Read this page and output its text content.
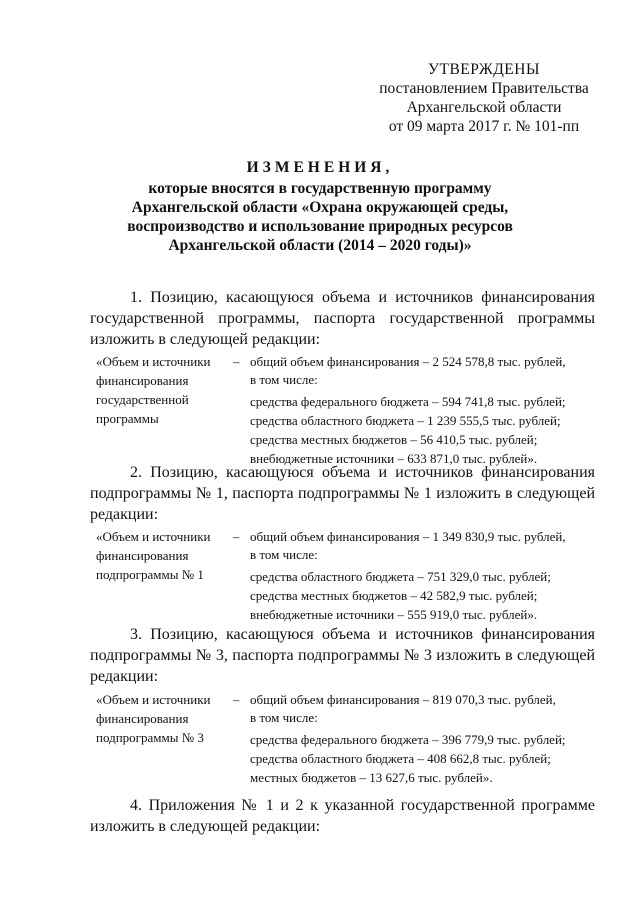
УТВЕРЖДЕНЫ
постановлением Правительства
Архангельской области
от 09 марта 2017 г. № 101-пп
ИЗМЕНЕНИЯ,
которые вносятся в государственную программу
Архангельской области «Охрана окружающей среды,
воспроизводство и использование природных ресурсов
Архангельской области (2014 – 2020 годы)»
1. Позицию, касающуюся объема и источников финансирования государственной программы, паспорта государственной программы изложить в следующей редакции:
«Объем и источники
финансирования
государственной
программы
– общий объем финансирования – 2 524 578,8 тыс. рублей,
в том числе:
средства федерального бюджета – 594 741,8 тыс. рублей;
средства областного бюджета – 1 239 555,5 тыс. рублей;
средства местных бюджетов – 56 410,5 тыс. рублей;
внебюджетные источники – 633 871,0 тыс. рублей».
2. Позицию, касающуюся объема и источников финансирования подпрограммы № 1, паспорта подпрограммы № 1 изложить в следующей редакции:
«Объем и источники
финансирования
подпрограммы № 1
– общий объем финансирования – 1 349 830,9 тыс. рублей,
в том числе:
средства областного бюджета – 751 329,0 тыс. рублей;
средства местных бюджетов – 42 582,9 тыс. рублей;
внебюджетные источники – 555 919,0 тыс. рублей».
3. Позицию, касающуюся объема и источников финансирования подпрограммы № 3, паспорта подпрограммы № 3 изложить в следующей редакции:
«Объем и источники
финансирования
подпрограммы № 3
– общий объем финансирования – 819 070,3 тыс. рублей,
в том числе:
средства федерального бюджета – 396 779,9 тыс. рублей;
средства областного бюджета – 408 662,8 тыс. рублей;
местных бюджетов – 13 627,6 тыс. рублей».
4. Приложения № 1 и 2 к указанной государственной программе изложить в следующей редакции:
